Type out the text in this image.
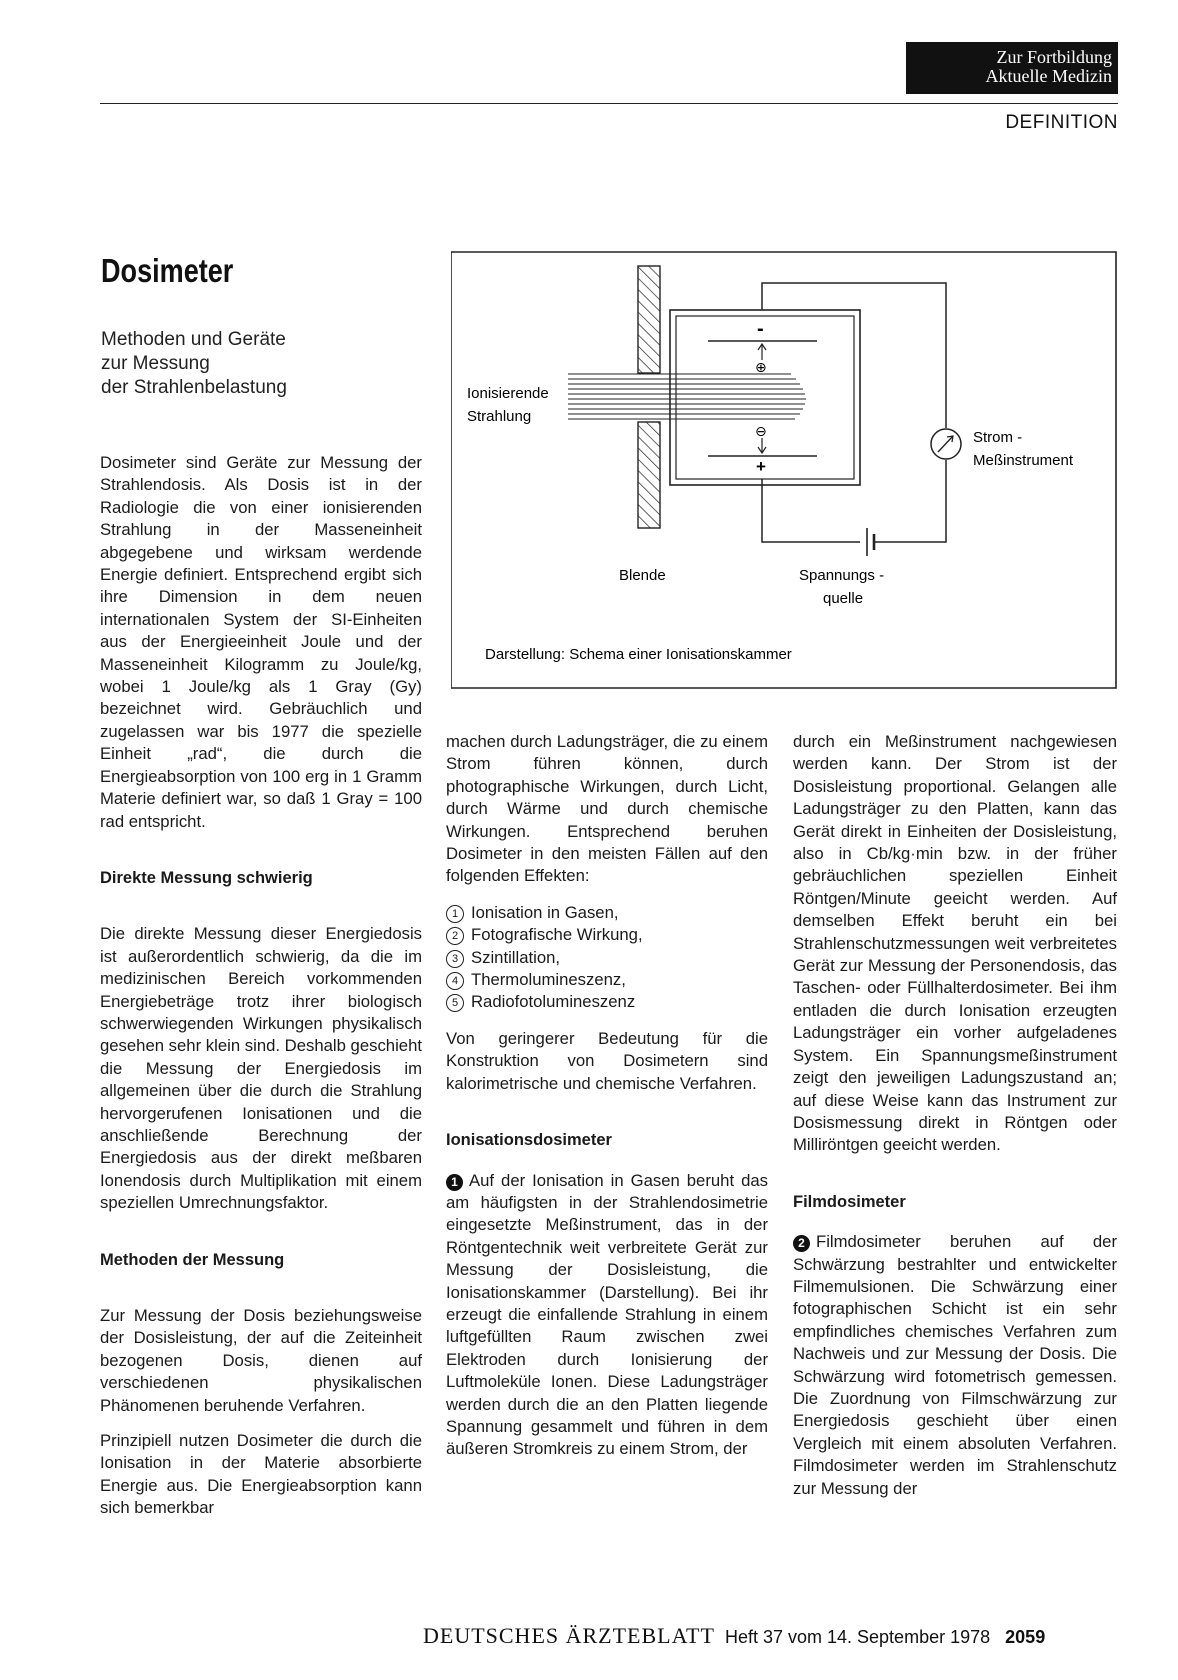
Zur Fortbildung
Aktuelle Medizin
DEFINITION
Dosimeter
Methoden und Geräte
zur Messung
der Strahlenbelastung
-
⊕
⊖
+
Ionisierende
Strahlung
Blende
Strom -
Meßinstrument
Spannungs -
quelle
Darstellung: Schema einer Ionisationskammer

Dosimeter sind Geräte zur Messung der Strahlendosis. Als Dosis ist in der Radiologie die von einer ionisierenden Strahlung in der Masseneinheit abgegebene und wirksam werdende Energie definiert. Entsprechend ergibt sich ihre Dimension in dem neuen internationalen System der SI-Einheiten aus der Energieeinheit Joule und der Masseneinheit Kilogramm zu Joule/kg, wobei 1 Joule/kg als 1 Gray (Gy) bezeichnet wird. Gebräuchlich und zugelassen war bis 1977 die spezielle Einheit „rad“, die durch die Energieabsorption von 100 erg in 1 Gramm Materie definiert war, so daß 1 Gray = 100 rad entspricht.

Direkte Messung schwierig

Die direkte Messung dieser Energiedosis ist außerordentlich schwierig, da die im medizinischen Bereich vorkommenden Energiebeträge trotz ihrer biologisch schwerwiegenden Wirkungen physikalisch gesehen sehr klein sind. Deshalb geschieht die Messung der Energiedosis im allgemeinen über die durch die Strahlung hervorgerufenen Ionisationen und die anschließende Berechnung der Energiedosis aus der direkt meßbaren Ionendosis durch Multiplikation mit einem speziellen Umrechnungsfaktor.

Methoden der Messung

Zur Messung der Dosis beziehungsweise der Dosisleistung, der auf die Zeiteinheit bezogenen Dosis, dienen auf verschiedenen physikalischen Phänomenen beruhende Verfahren.

Prinzipiell nutzen Dosimeter die durch die Ionisation in der Materie absorbierte Energie aus. Die Energieabsorption kann sich bemerkbar

machen durch Ladungsträger, die zu einem Strom führen können, durch photographische Wirkungen, durch Licht, durch Wärme und durch chemische Wirkungen. Entsprechend beruhen Dosimeter in den meisten Fällen auf den folgenden Effekten:

1 Ionisation in Gasen,
2 Fotografische Wirkung,
3 Szintillation,
4 Thermolumineszenz,
5 Radiofotolumineszenz

Von geringerer Bedeutung für die Konstruktion von Dosimetern sind kalorimetrische und chemische Verfahren.

Ionisationsdosimeter

1 Auf der Ionisation in Gasen beruht das am häufigsten in der Strahlendosimetrie eingesetzte Meßinstrument, das in der Röntgentechnik weit verbreitete Gerät zur Messung der Dosisleistung, die Ionisationskammer (Darstellung). Bei ihr erzeugt die einfallende Strahlung in einem luftgefüllten Raum zwischen zwei Elektroden durch Ionisierung der Luftmoleküle Ionen. Diese Ladungsträger werden durch die an den Platten liegende Spannung gesammelt und führen in dem äußeren Stromkreis zu einem Strom, der

durch ein Meßinstrument nachgewiesen werden kann. Der Strom ist der Dosisleistung proportional. Gelangen alle Ladungsträger zu den Platten, kann das Gerät direkt in Einheiten der Dosisleistung, also in Cb/kg·min bzw. in der früher gebräuchlichen speziellen Einheit Röntgen/Minute geeicht werden. Auf demselben Effekt beruht ein bei Strahlenschutzmessungen weit verbreitetes Gerät zur Messung der Personendosis, das Taschen- oder Füllhalterdosimeter. Bei ihm entladen die durch Ionisation erzeugten Ladungsträger ein vorher aufgeladenes System. Ein Spannungsmeßinstrument zeigt den jeweiligen Ladungszustand an; auf diese Weise kann das Instrument zur Dosismessung direkt in Röntgen oder Milliröntgen geeicht werden.

Filmdosimeter

2 Filmdosimeter beruhen auf der Schwärzung bestrahlter und entwickelter Filmemulsionen. Die Schwärzung einer fotographischen Schicht ist ein sehr empfindliches chemisches Verfahren zum Nachweis und zur Messung der Dosis. Die Schwärzung wird fotometrisch gemessen. Die Zuordnung von Filmschwärzung zur Energiedosis geschieht über einen Vergleich mit einem absoluten Verfahren. Filmdosimeter werden im Strahlenschutz zur Messung der

DEUTSCHES ÄRZTEBLATT Heft 37 vom 14. September 1978 2059
